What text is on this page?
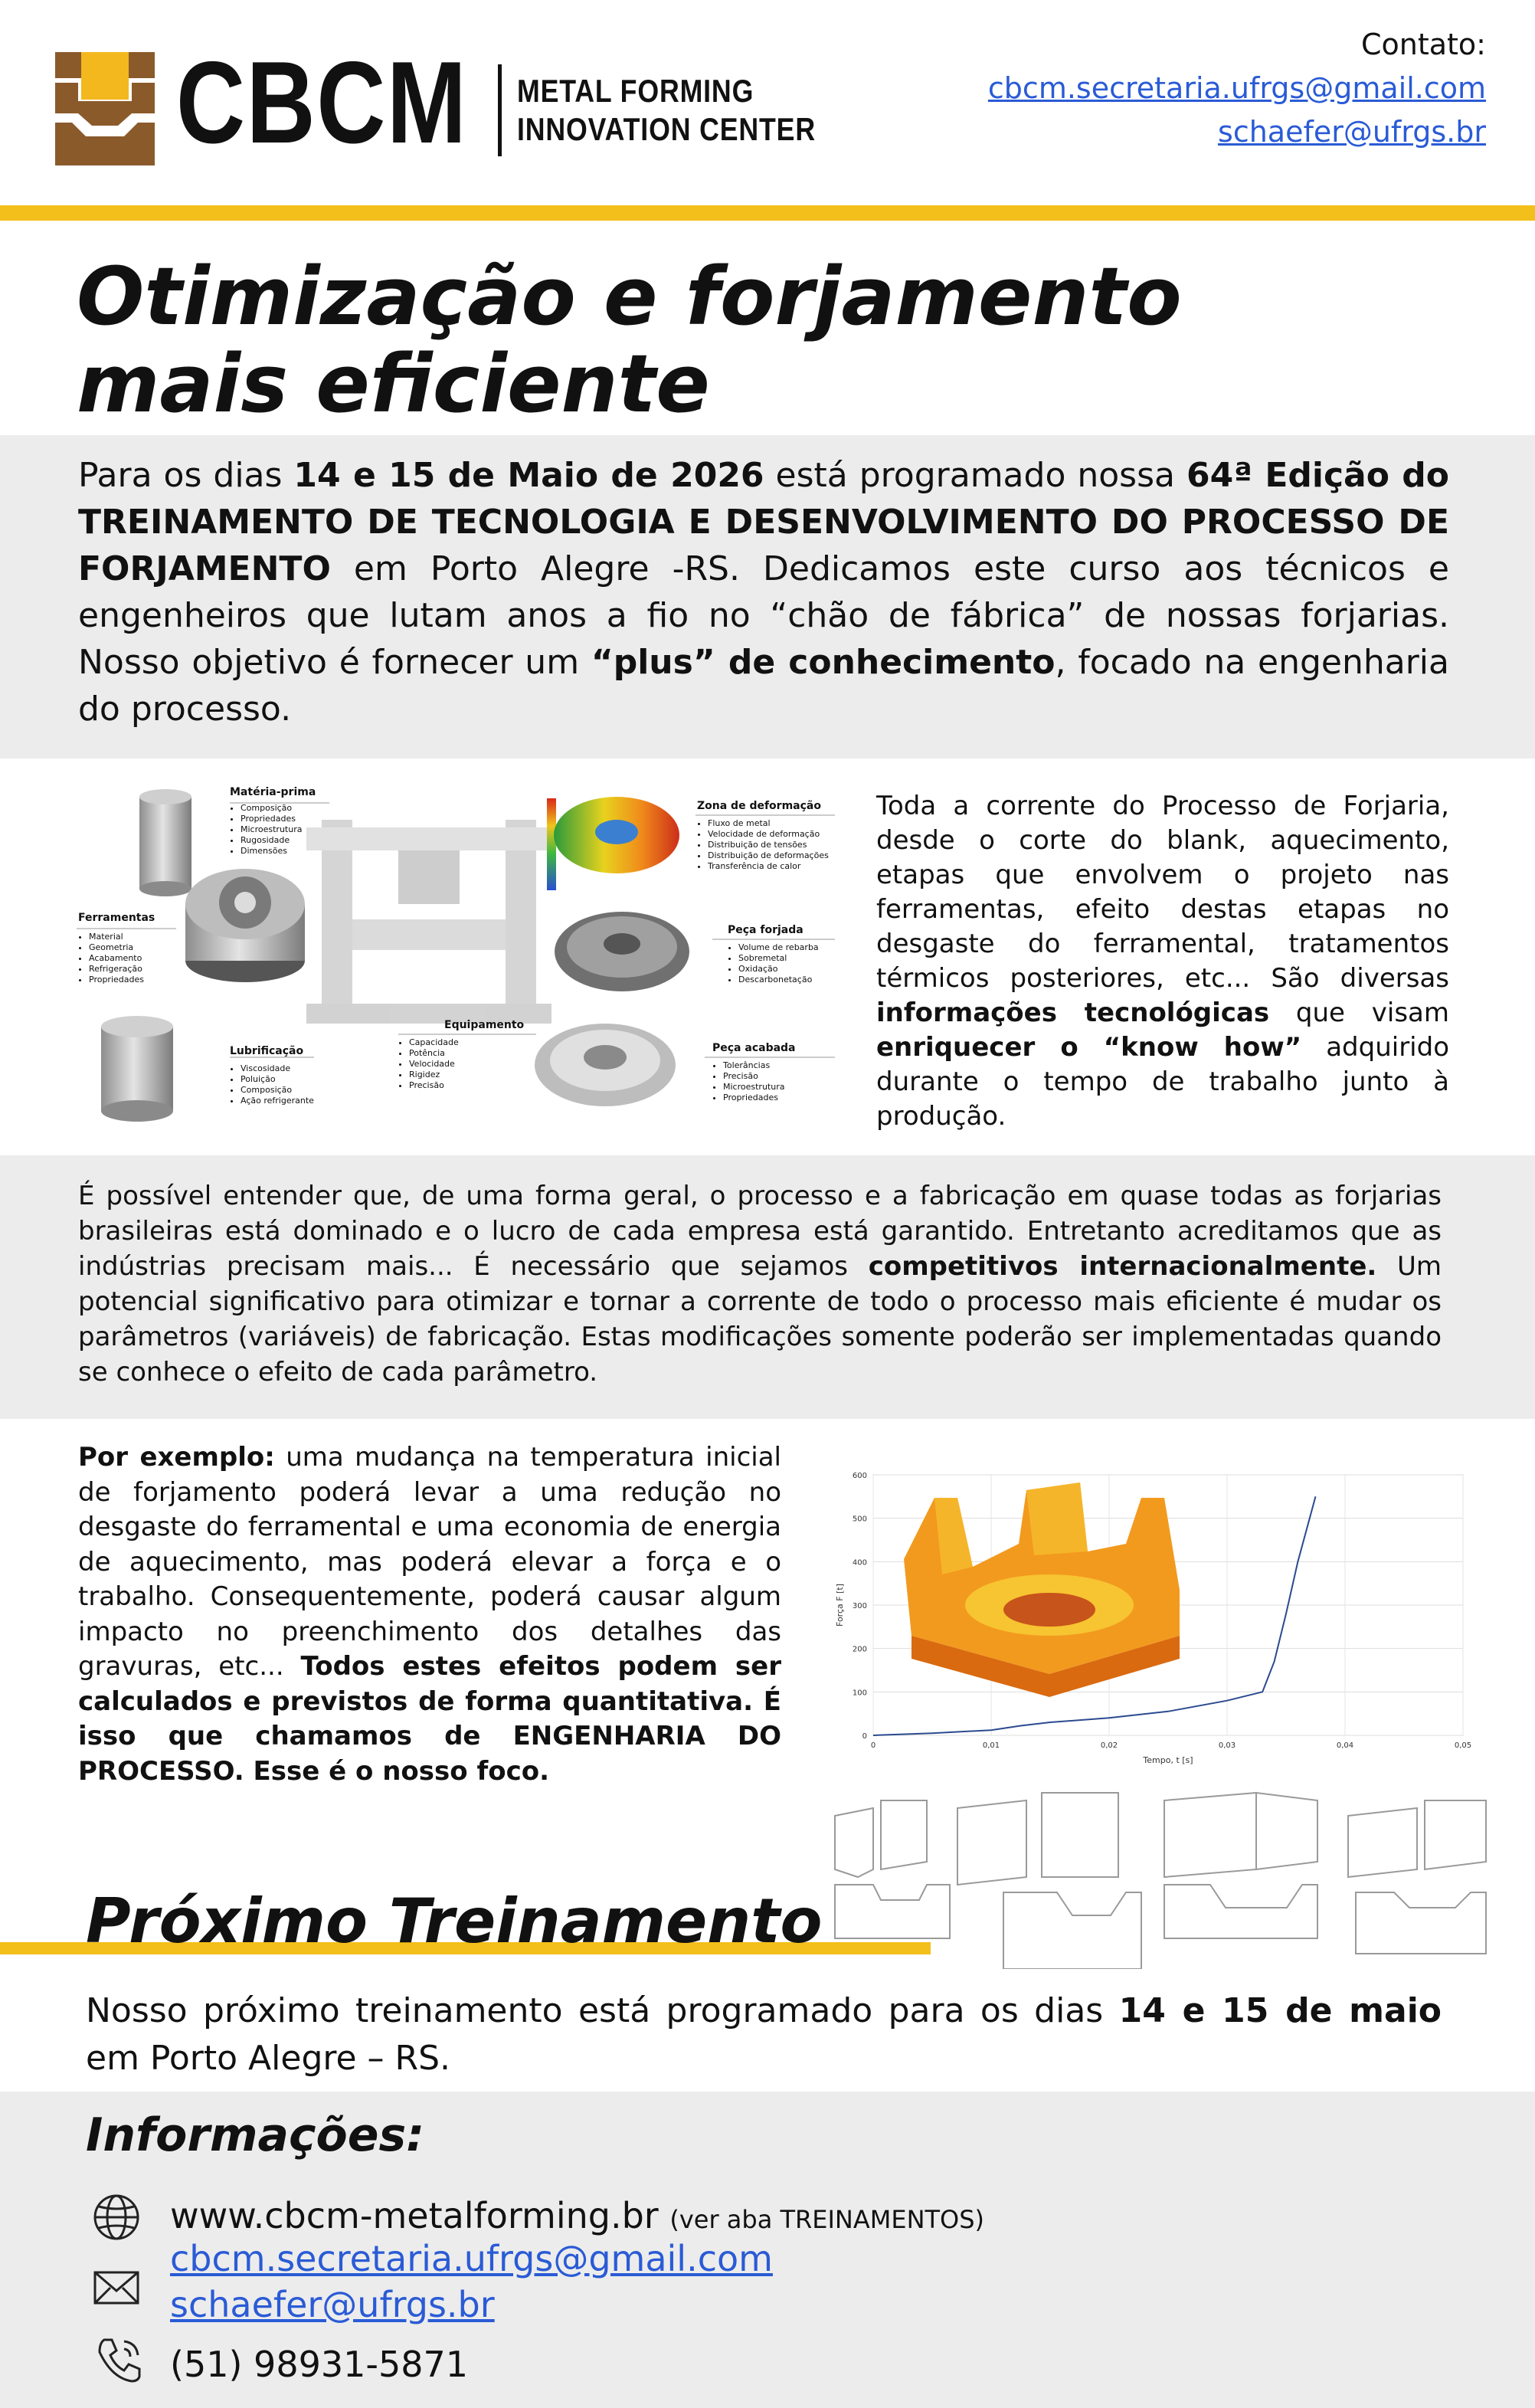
CBCM METAL FORMING
INNOVATION CENTER
Contato:
cbcm.secretaria.ufrgs@gmail.com
schaefer@ufrgs.br
Otimização e forjamento
mais eficiente
Para os dias 14 e 15 de Maio de 2026 está programado nossa 64ª Edição do TREINAMENTO DE TECNOLOGIA E DESENVOLVIMENTO DO PROCESSO DE FORJAMENTO em Porto Alegre -RS. Dedicamos este curso aos técnicos e engenheiros que lutam anos a fio no “chão de fábrica” de nossas forjarias. Nosso objetivo é fornecer um “plus” de conhecimento, focado na engenharia do processo.
Matéria-prima
• Composição
• Propriedades
• Microestrutura
• Rugosidade
• Dimensões
Ferramentas
• Material
• Geometria
• Acabamento
• Refrigeração
• Propriedades
Lubrificação
• Viscosidade
• Poluição
• Composição
• Ação refrigerante
Equipamento
• Capacidade
• Potência
• Velocidade
• Rigidez
• Precisão
Zona de deformação
• Fluxo de metal
• Velocidade de deformação
• Distribuição de tensões
• Distribuição de deformações
• Transferência de calor
Peça forjada
• Volume de rebarba
• Sobremetal
• Oxidação
• Descarbonetação
Peça acabada
• Tolerâncias
• Precisão
• Microestrutura
• Propriedades
Toda a corrente do Processo de Forjaria, desde o corte do blank, aquecimento, etapas que envolvem o projeto nas ferramentas, efeito destas etapas no desgaste do ferramental, tratamentos térmicos posteriores, etc... São diversas informações tecnológicas que visam enriquecer o “know how” adquirido durante o tempo de trabalho junto à produção.
É possível entender que, de uma forma geral, o processo e a fabricação em quase todas as forjarias brasileiras está dominado e o lucro de cada empresa está garantido. Entretanto acreditamos que as indústrias precisam mais... É necessário que sejamos competitivos internacionalmente. Um potencial significativo para otimizar e tornar a corrente de todo o processo mais eficiente é mudar os parâmetros (variáveis) de fabricação. Estas modificações somente poderão ser implementadas quando se conhece o efeito de cada parâmetro.
Por exemplo: uma mudança na temperatura inicial de forjamento poderá levar a uma redução no desgaste do ferramental e uma economia de energia de aquecimento, mas poderá elevar a força e o trabalho. Consequentemente, poderá causar algum impacto no preenchimento dos detalhes das gravuras, etc... Todos estes efeitos podem ser calculados e previstos de forma quantitativa. É isso que chamamos de ENGENHARIA DO PROCESSO. Esse é o nosso foco.
0
100
200
300
400
500
600
0	0,01	0,02	0,03	0,04	0,05
Tempo, t [s]
Força F [t]
Próximo Treinamento
Nosso próximo treinamento está programado para os dias 14 e 15 de maio em Porto Alegre – RS.
Informações:
www.cbcm-metalforming.br (ver aba TREINAMENTOS)
cbcm.secretaria.ufrgs@gmail.com
schaefer@ufrgs.br
(51) 98931-5871
